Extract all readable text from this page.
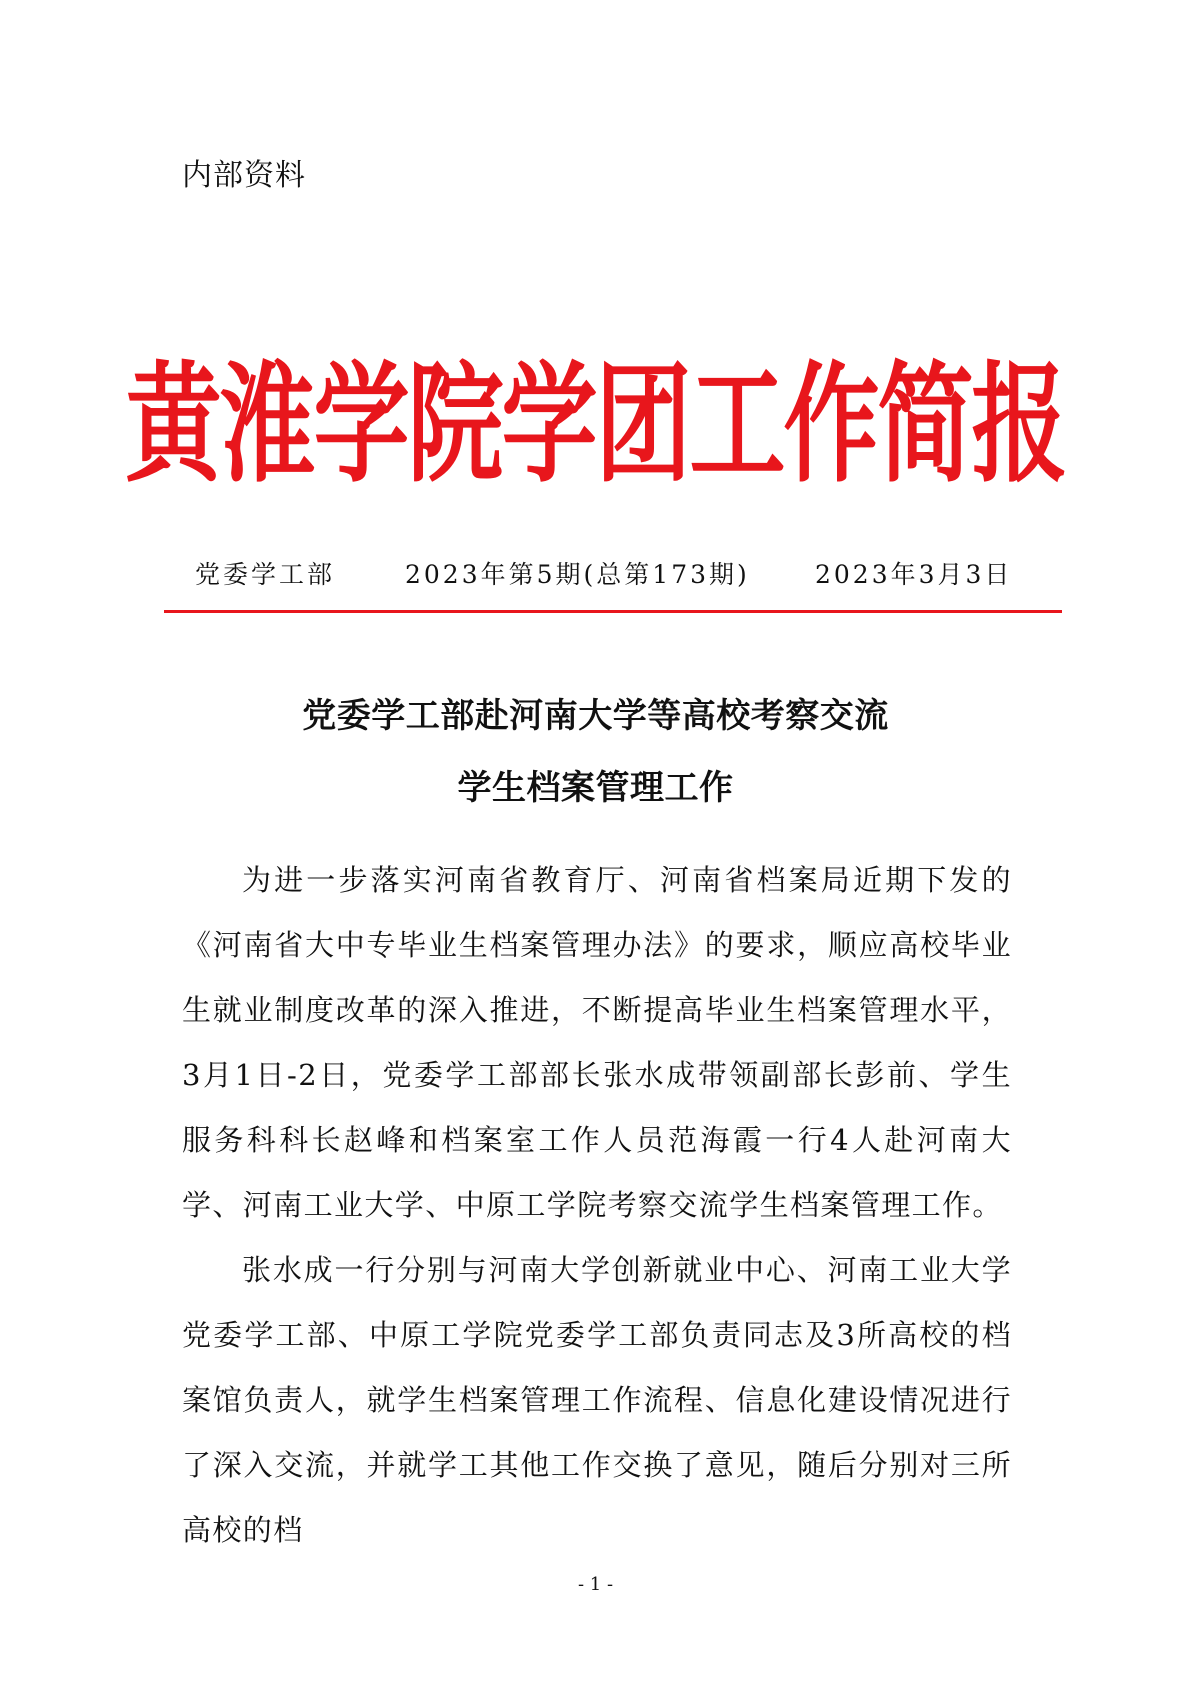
内部资料
黄淮学院学团工作简报
党委学工部	2023年第5期(总第173期)	2023年3月3日
党委学工部赴河南大学等高校考察交流
学生档案管理工作

为进一步落实河南省教育厅、河南省档案局近期下发的《河南省大中专毕业生档案管理办法》的要求，顺应高校毕业生就业制度改革的深入推进，不断提高毕业生档案管理水平，3月1日-2日，党委学工部部长张水成带领副部长彭前、学生服务科科长赵峰和档案室工作人员范海霞一行4人赴河南大学、河南工业大学、中原工学院考察交流学生档案管理工作。

张水成一行分别与河南大学创新就业中心、河南工业大学党委学工部、中原工学院党委学工部负责同志及3所高校的档案馆负责人，就学生档案管理工作流程、信息化建设情况进行了深入交流，并就学工其他工作交换了意见，随后分别对三所高校的档

- 1 -
